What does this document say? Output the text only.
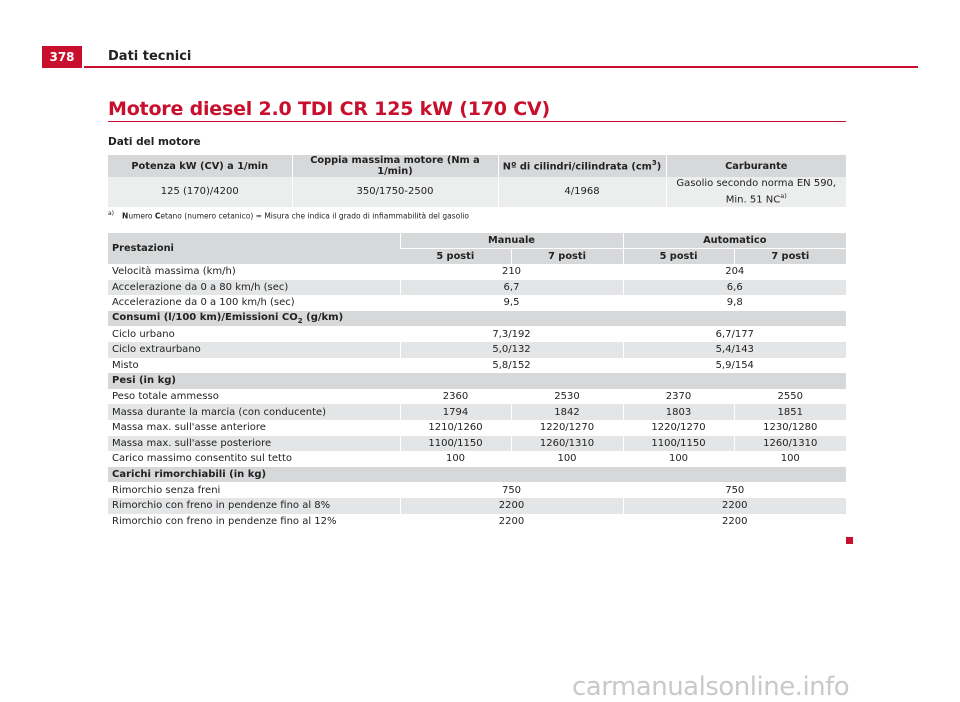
378	Dati tecnici
Motore diesel 2.0 TDI CR 125 kW (170 CV)
Dati del motore
Potenza kW (CV) a 1/min	Coppia massima motore (Nm a 1/min)	Nº di cilindri/cilindrata $(cm^3)$	Carburante
125 (170)/4200	350/1750-2500	4/1968	Gasolio secondo norma EN 590,
Min. 51 NC$^{a)}$
$^{a)}$ Numero Cetano (numero cetanico) = Misura che indica il grado di infiammabilità del gasolio
Prestazioni	Manuale		Automatico	
	5 posti	7 posti	5 posti	7 posti
Velocità massima (km/h)	210		204	
Accelerazione da 0 a 80 km/h (sec)	6,7		6,6	
Accelerazione da 0 a 100 km/h (sec)	9,5		9,8	
Consumi (l/100 km)/Emissioni $CO_2$ (g/km)				
Ciclo urbano	7,3/192		6,7/177	
Ciclo extraurbano	5,0/132		5,4/143	
Misto	5,8/152		5,9/154	
Pesi (in kg)				
Peso totale ammesso	2360	2530	2370	2550
Massa durante la marcia (con conducente)	1794	1842	1803	1851
Massa max. sull'asse anteriore	1210/1260	1220/1270	1220/1270	1230/1280
Massa max. sull'asse posteriore	1100/1150	1260/1310	1100/1150	1260/1310
Carico massimo consentito sul tetto	100	100	100	100
Carichi rimorchiabili (in kg)				
Rimorchio senza freni	750		750	
Rimorchio con freno in pendenze fino al 8%	2200		2200	
Rimorchio con freno in pendenze fino al 12%	2200		2200	
carmanualsonline.info
